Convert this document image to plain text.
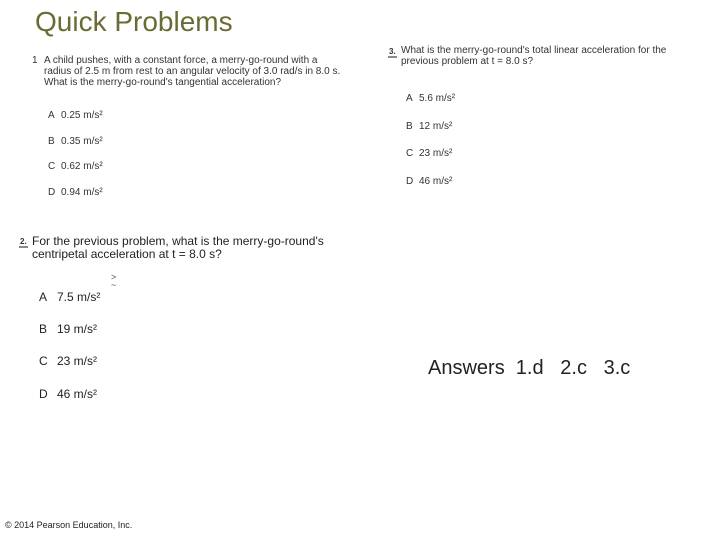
Quick Problems
1 A child pushes, with a constant force, a merry-go-round with a
radius of 2.5 m from rest to an angular velocity of 3.0 rad/s in 8.0 s.
What is the merry-go-round's tangential acceleration?
A 0.25 m/s²
B 0.35 m/s²
C 0.62 m/s²
D 0.94 m/s²
2. For the previous problem, what is the merry-go-round's
centripetal acceleration at t = 8.0 s?
>
~
A 7.5 m/s²
B 19 m/s²
C 23 m/s²
D 46 m/s²
3. What is the merry-go-round's total linear acceleration for the
previous problem at t = 8.0 s?
A 5.6 m/s²
B 12 m/s²
C 23 m/s²
D 46 m/s²
Answers  1.d   2.c   3.c
© 2014 Pearson Education, Inc.
